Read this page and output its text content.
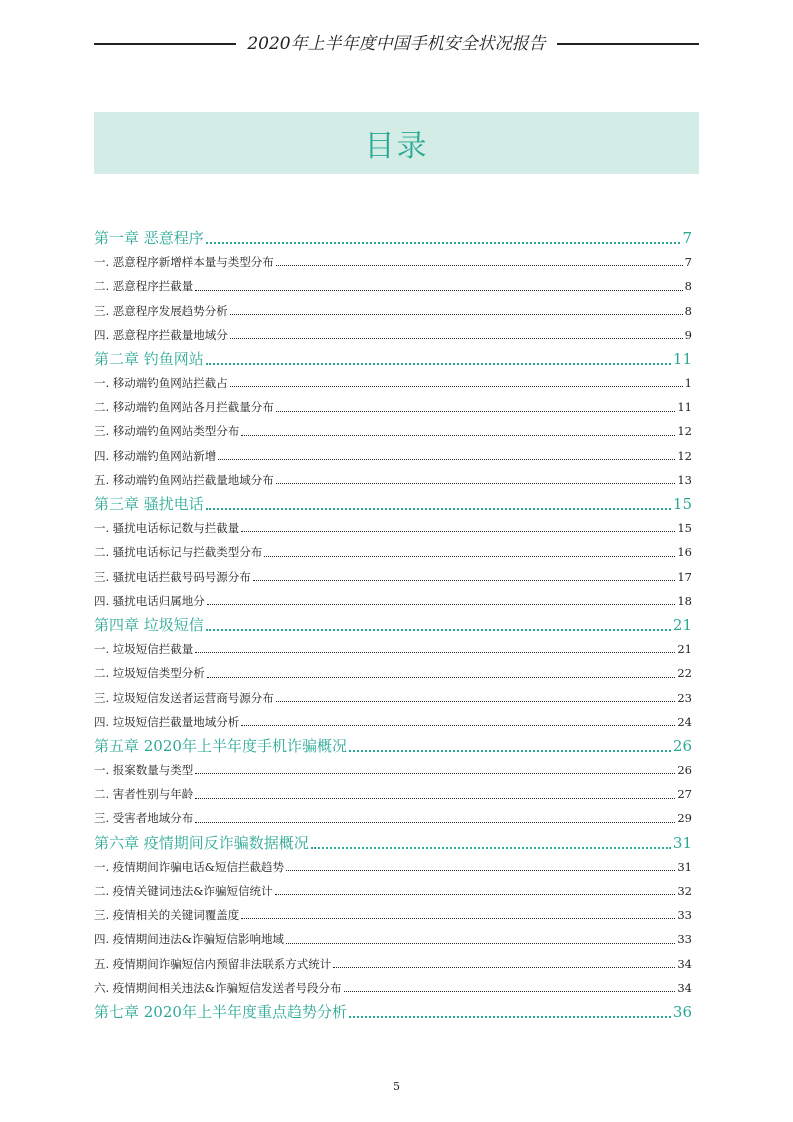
2020年上半年度中国手机安全状况报告
目录
第一章 恶意程序	7
一. 恶意程序新增样本量与类型分布	7
二. 恶意程序拦截量	8
三. 恶意程序发展趋势分析	8
四. 恶意程序拦截量地域分	9
第二章 钓鱼网站	11
一. 移动端钓鱼网站拦截占	1
二. 移动端钓鱼网站各月拦截量分布	11
三. 移动端钓鱼网站类型分布	12
四. 移动端钓鱼网站新增	12
五. 移动端钓鱼网站拦截量地域分布	13
第三章 骚扰电话	15
一. 骚扰电话标记数与拦截量	15
二. 骚扰电话标记与拦截类型分布	16
三. 骚扰电话拦截号码号源分布	17
四. 骚扰电话归属地分	18
第四章 垃圾短信	21
一. 垃圾短信拦截量	21
二. 垃圾短信类型分析	22
三. 垃圾短信发送者运营商号源分布	23
四. 垃圾短信拦截量地域分析	24
第五章 2020年上半年度手机诈骗概况	26
一. 报案数量与类型	26
二. 害者性别与年龄	27
三. 受害者地域分布	29
第六章 疫情期间反诈骗数据概况	31
一. 疫情期间诈骗电话&短信拦截趋势	31
二. 疫情关键词违法&诈骗短信统计	32
三. 疫情相关的关键词覆盖度	33
四. 疫情期间违法&诈骗短信影响地域	33
五. 疫情期间诈骗短信内预留非法联系方式统计	34
六. 疫情期间相关违法&诈骗短信发送者号段分布	34
第七章 2020年上半年度重点趋势分析	36
5
